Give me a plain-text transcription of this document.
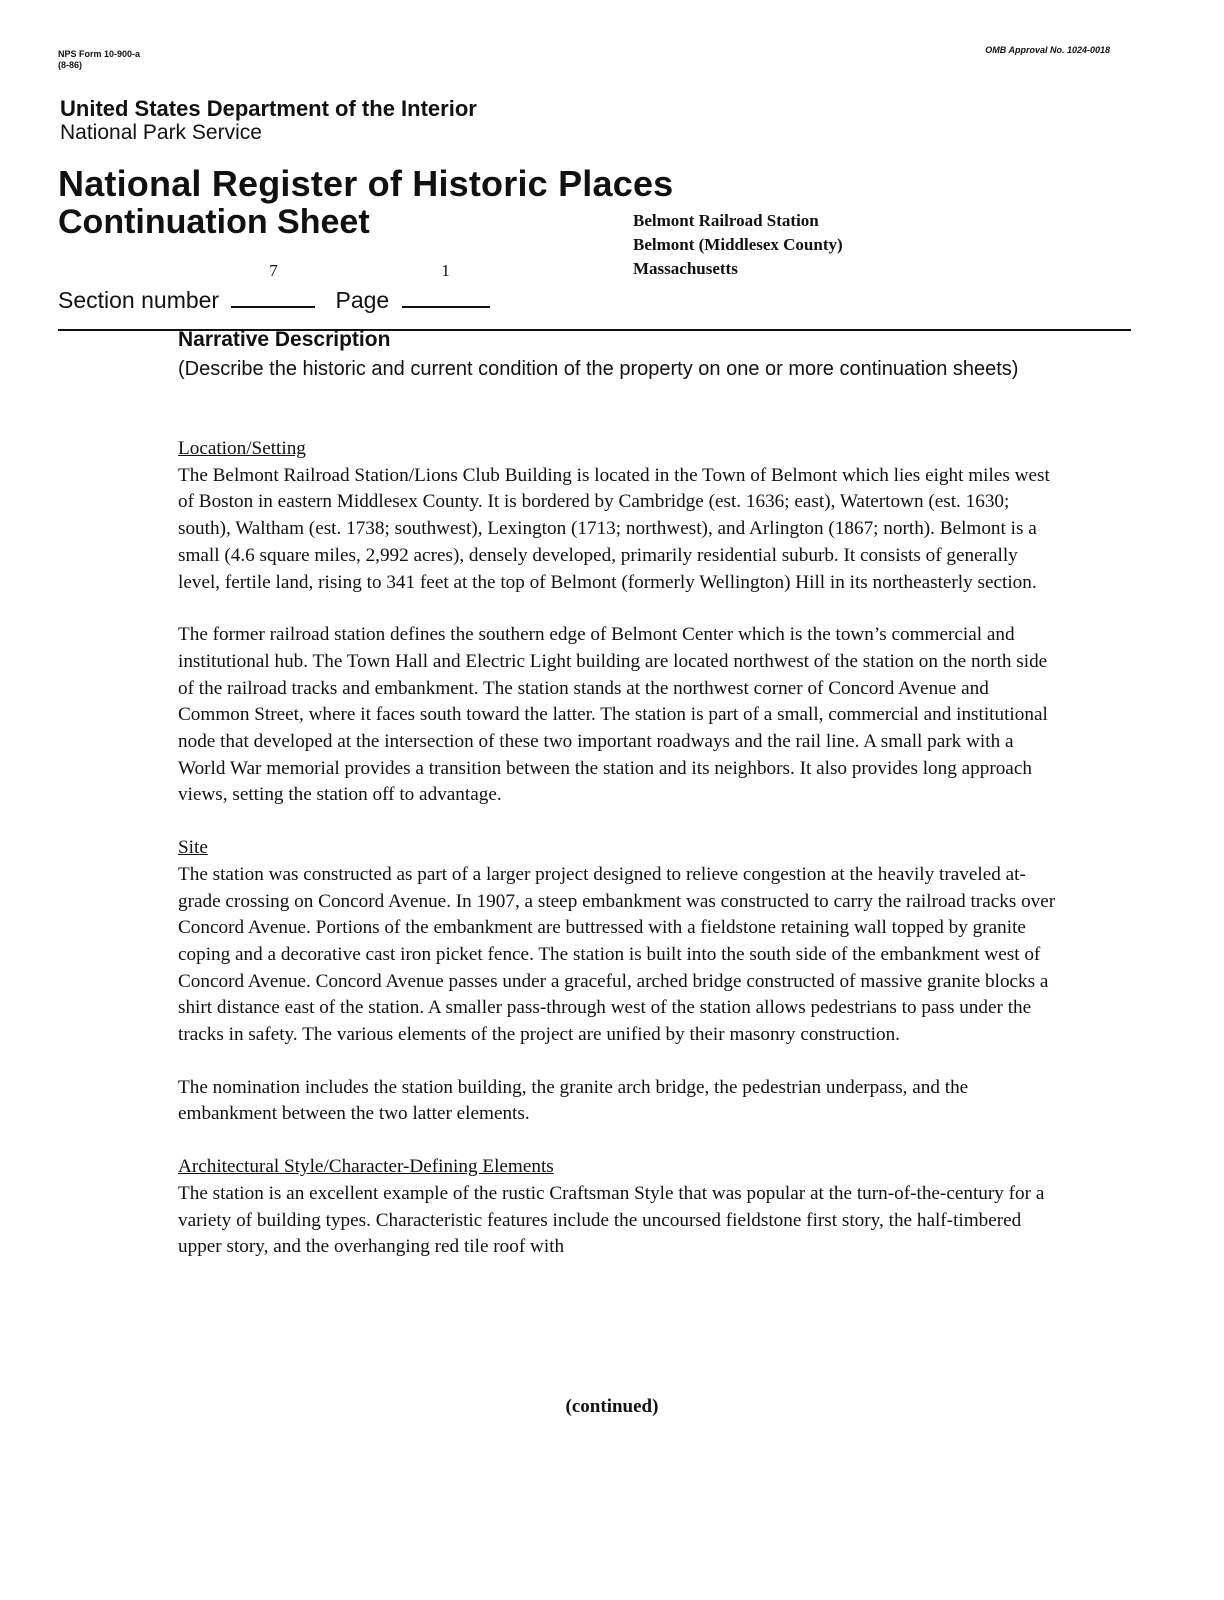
NPS Form 10-900-a
(8-86)
OMB Approval No. 1024-0018
United States Department of the Interior
National Park Service
National Register of Historic Places
Continuation Sheet	Belmont Railroad Station
Belmont (Middlesex County)
Massachusetts
Section number
7
Page
1
Narrative Description
(Describe the historic and current condition of the property on one or more continuation sheets)
Location/Setting

The Belmont Railroad Station/Lions Club Building is located in the Town of Belmont which lies eight miles west of Boston in eastern Middlesex County. It is bordered by Cambridge (est. 1636; east), Watertown (est. 1630; south), Waltham (est. 1738; southwest), Lexington (1713; northwest), and Arlington (1867; north). Belmont is a small (4.6 square miles, 2,992 acres), densely developed, primarily residential suburb. It consists of generally level, fertile land, rising to 341 feet at the top of Belmont (formerly Wellington) Hill in its northeasterly section.

The former railroad station defines the southern edge of Belmont Center which is the town’s commercial and institutional hub. The Town Hall and Electric Light building are located northwest of the station on the north side of the railroad tracks and embankment. The station stands at the northwest corner of Concord Avenue and Common Street, where it faces south toward the latter. The station is part of a small, commercial and institutional node that developed at the intersection of these two important roadways and the rail line. A small park with a World War memorial provides a transition between the station and its neighbors. It also provides long approach views, setting the station off to advantage.

Site

The station was constructed as part of a larger project designed to relieve congestion at the heavily traveled at-grade crossing on Concord Avenue. In 1907, a steep embankment was constructed to carry the railroad tracks over Concord Avenue. Portions of the embankment are buttressed with a fieldstone retaining wall topped by granite coping and a decorative cast iron picket fence. The station is built into the south side of the embankment west of Concord Avenue. Concord Avenue passes under a graceful, arched bridge constructed of massive granite blocks a shirt distance east of the station. A smaller pass-through west of the station allows pedestrians to pass under the tracks in safety. The various elements of the project are unified by their masonry construction.

The nomination includes the station building, the granite arch bridge, the pedestrian underpass, and the embankment between the two latter elements.

Architectural Style/Character-Defining Elements

The station is an excellent example of the rustic Craftsman Style that was popular at the turn-of-the-century for a variety of building types. Characteristic features include the uncoursed fieldstone first story, the half-timbered upper story, and the overhanging red tile roof with

(continued)
